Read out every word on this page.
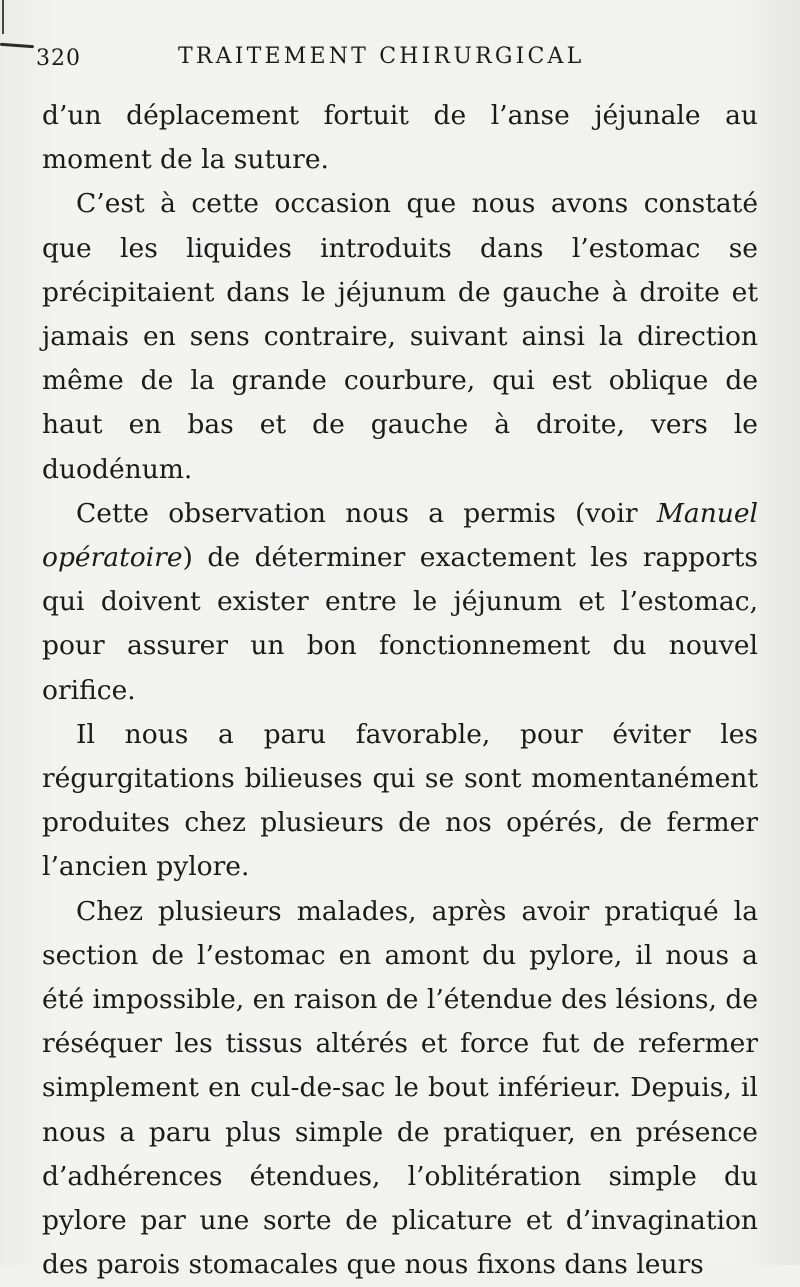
320	TRAITEMENT CHIRURGICAL

d’un déplacement fortuit de l’anse jéjunale au moment de la suture.

C’est à cette occasion que nous avons constaté que les liquides introduits dans l’estomac se précipitaient dans le jéjunum de gauche à droite et jamais en sens contraire, suivant ainsi la direction même de la grande courbure, qui est oblique de haut en bas et de gauche à droite, vers le duodénum.

Cette observation nous a permis (voir Manuel opératoire) de déterminer exactement les rapports qui doivent exister entre le jéjunum et l’estomac, pour assurer un bon fonctionnement du nouvel orifice.

Il nous a paru favorable, pour éviter les régurgitations bilieuses qui se sont momentanément produites chez plusieurs de nos opérés, de fermer l’ancien pylore.

Chez plusieurs malades, après avoir pratiqué la section de l’estomac en amont du pylore, il nous a été impossible, en raison de l’étendue des lésions, de réséquer les tissus altérés et force fut de refermer simplement en cul-de-sac le bout inférieur. Depuis, il nous a paru plus simple de pratiquer, en présence d’adhérences étendues, l’oblitération simple du pylore par une sorte de plicature et d’invagination des parois stomacales que nous fixons dans leurs
